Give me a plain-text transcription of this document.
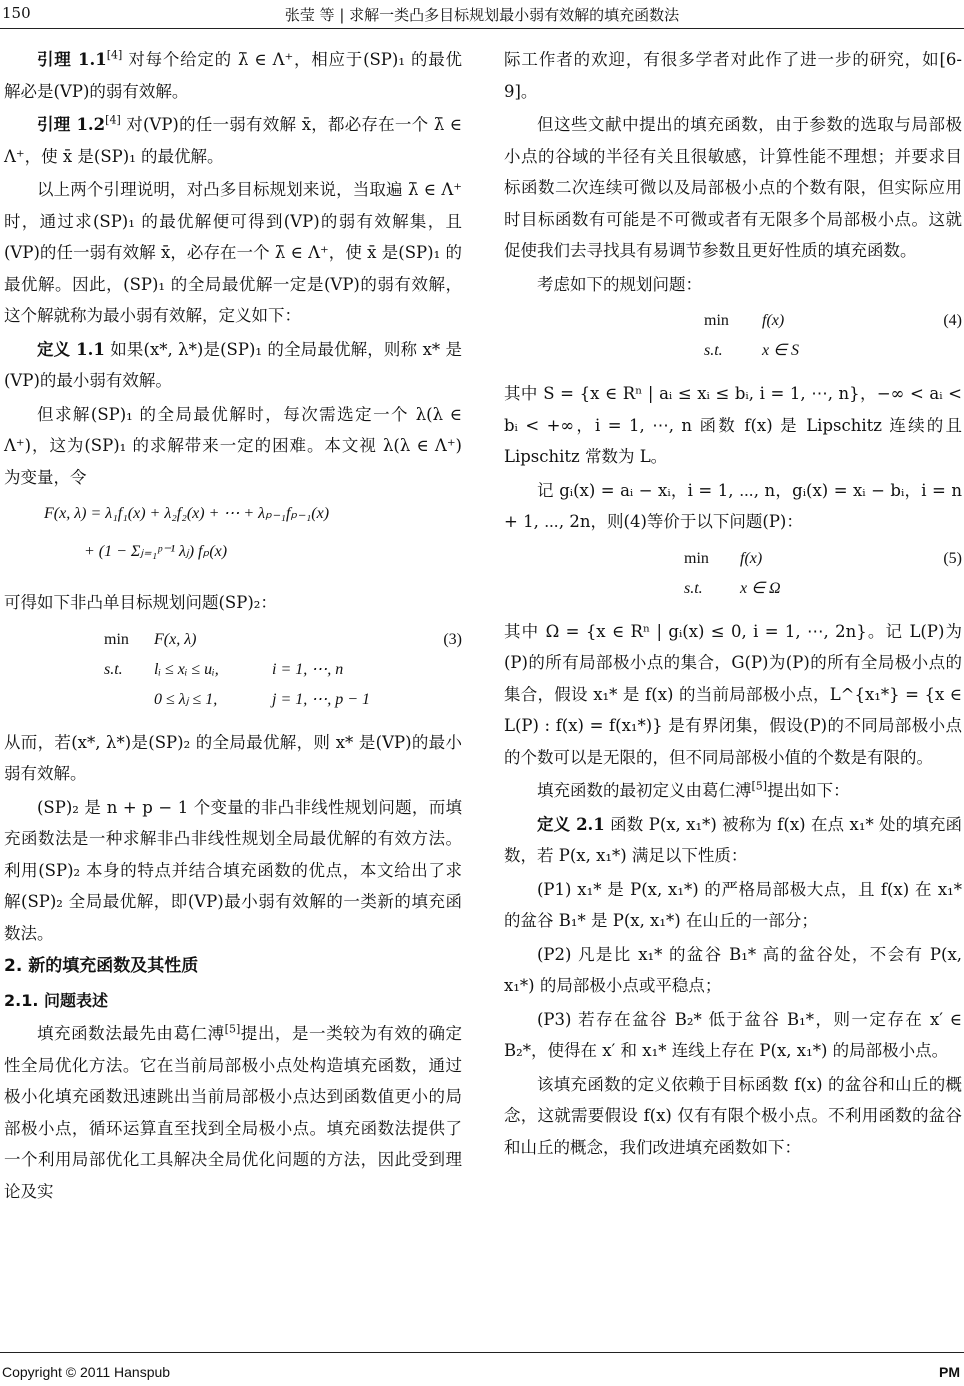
150	张莹 等 | 求解一类凸多目标规划最小弱有效解的填充函数法

引理 1.1[4] 对每个给定的 λ̄ ∈ Λ⁺，相应于(SP)₁ 的最优解必是(VP)的弱有效解。

引理 1.2[4] 对(VP)的任一弱有效解 x̄，都必存在一个 λ̄ ∈ Λ⁺，使 x̄ 是(SP)₁ 的最优解。

以上两个引理说明，对凸多目标规划来说，当取遍 λ̄ ∈ Λ⁺ 时，通过求(SP)₁ 的最优解便可得到(VP)的弱有效解集，且(VP)的任一弱有效解 x̄，必存在一个 λ̄ ∈ Λ⁺，使 x̄ 是(SP)₁ 的最优解。因此，(SP)₁ 的全局最优解一定是(VP)的弱有效解，这个解就称为最小弱有效解，定义如下：

定义 1.1 如果(x*, λ*)是(SP)₁ 的全局最优解，则称 x* 是(VP)的最小弱有效解。

但求解(SP)₁ 的全局最优解时，每次需选定一个 λ(λ ∈ Λ⁺)，这为(SP)₁ 的求解带来一定的困难。本文视 λ(λ ∈ Λ⁺) 为变量，令

F(x, λ) = λ₁f₁(x) + λ₂f₂(x) + ⋯ + λₚ₋₁fₚ₋₁(x)
+ (1 − Σⱼ₌₁ᵖ⁻¹ λⱼ) fₚ(x)

可得如下非凸单目标规划问题(SP)₂：

min F(x, λ)	(3)
s.t. lᵢ ≤ xᵢ ≤ uᵢ,	i = 1, ⋯, n
0 ≤ λⱼ ≤ 1,	j = 1, ⋯, p − 1

从而，若(x*, λ*)是(SP)₂ 的全局最优解，则 x* 是(VP)的最小弱有效解。

(SP)₂ 是 n + p − 1 个变量的非凸非线性规划问题，而填充函数法是一种求解非凸非线性规划全局最优解的有效方法。利用(SP)₂ 本身的特点并结合填充函数的优点，本文给出了求解(SP)₂ 全局最优解，即(VP)最小弱有效解的一类新的填充函数法。

2. 新的填充函数及其性质

2.1. 问题表述

填充函数法最先由葛仁溥[5]提出，是一类较为有效的确定性全局优化方法。它在当前局部极小点处构造填充函数，通过极小化填充函数迅速跳出当前局部极小点达到函数值更小的局部极小点，循环运算直至找到全局极小点。填充函数法提供了一个利用局部优化工具解决全局优化问题的方法，因此受到理论及实

际工作者的欢迎，有很多学者对此作了进一步的研究，如[6-9]。

但这些文献中提出的填充函数，由于参数的选取与局部极小点的谷域的半径有关且很敏感，计算性能不理想；并要求目标函数二次连续可微以及局部极小点的个数有限，但实际应用时目标函数有可能是不可微或者有无限多个局部极小点。这就促使我们去寻找具有易调节参数且更好性质的填充函数。

考虑如下的规划问题：

min f(x)	(4)
s.t. x ∈ S

其中 S = {x ∈ Rⁿ | aᵢ ≤ xᵢ ≤ bᵢ, i = 1, ⋯, n}，−∞ < aᵢ < bᵢ < +∞，i = 1, ⋯, n 函数 f(x) 是 Lipschitz 连续的且 Lipschitz 常数为 L。

记 gᵢ(x) = aᵢ − xᵢ，i = 1, ⋯, n，gᵢ(x) = xᵢ − bᵢ，i = n + 1, ⋯, 2n，则(4)等价于以下问题(P)：

min f(x)	(5)
s.t. x ∈ Ω

其中 Ω = {x ∈ Rⁿ | gᵢ(x) ≤ 0, i = 1, ⋯, 2n}。记 L(P)为(P)的所有局部极小点的集合，G(P)为(P)的所有全局极小点的集合，假设 x₁* 是 f(x) 的当前局部极小点，L^{x₁*} = {x ∈ L(P) : f(x) = f(x₁*)} 是有界闭集，假设(P)的不同局部极小点的个数可以是无限的，但不同局部极小值的个数是有限的。

填充函数的最初定义由葛仁溥[5]提出如下：

定义 2.1 函数 P(x, x₁*) 被称为 f(x) 在点 x₁* 处的填充函数，若 P(x, x₁*) 满足以下性质：

(P1) x₁* 是 P(x, x₁*) 的严格局部极大点，且 f(x) 在 x₁* 的盆谷 B₁* 是 P(x, x₁*) 在山丘的一部分；

(P2) 凡是比 x₁* 的盆谷 B₁* 高的盆谷处，不会有 P(x, x₁*) 的局部极小点或平稳点；

(P3) 若存在盆谷 B₂* 低于盆谷 B₁*，则一定存在 x′ ∈ B₂*，使得在 x′ 和 x₁* 连线上存在 P(x, x₁*) 的局部极小点。

该填充函数的定义依赖于目标函数 f(x) 的盆谷和山丘的概念，这就需要假设 f(x) 仅有有限个极小点。不利用函数的盆谷和山丘的概念，我们改进填充函数如下：

Copyright © 2011 Hanspub	PM
